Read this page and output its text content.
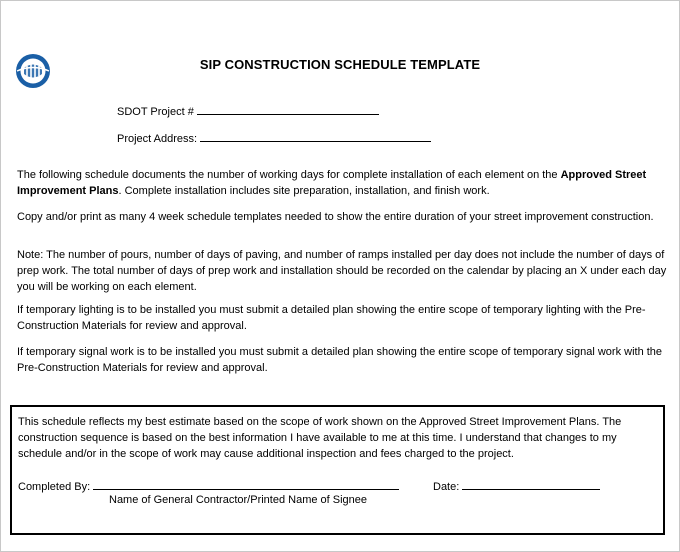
SIP CONSTRUCTION SCHEDULE TEMPLATE
SDOT Project #
Project Address:
The following schedule documents the number of working days for complete installation of each element on the Approved Street Improvement Plans. Complete installation includes site preparation, installation, and finish work.
Copy and/or print as many 4 week schedule templates needed to show the entire duration of your street improvement construction.
Note: The number of pours, number of days of paving, and number of ramps installed per day does not include the number of days of prep work. The total number of days of prep work and installation should be recorded on the calendar by placing an X under each day you will be working on each element.
If temporary lighting is to be installed you must submit a detailed plan showing the entire scope of temporary lighting with the Pre-Construction Materials for review and approval.
If temporary signal work is to be installed you must submit a detailed plan showing the entire scope of temporary signal work with the Pre-Construction Materials for review and approval.
This schedule reflects my best estimate based on the scope of work shown on the Approved Street Improvement Plans. The construction sequence is based on the best information I have available to me at this time. I understand that changes to my schedule and/or in the scope of work may cause additional inspection and fees charged to the project.
Completed By:	Date:
Name of General Contractor/Printed Name of Signee
